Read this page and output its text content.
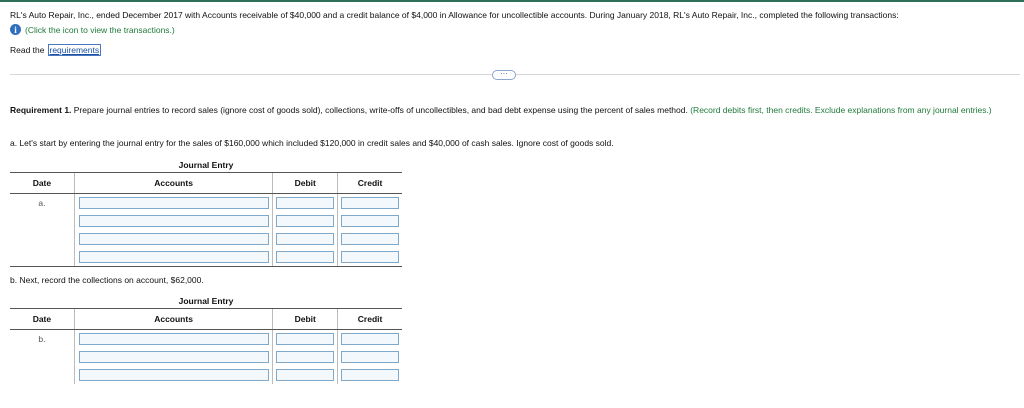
RL's Auto Repair, Inc., ended December 2017 with Accounts receivable of $40,000 and a credit balance of $4,000 in Allowance for uncollectible accounts. During January 2018, RL's Auto Repair, Inc., completed the following transactions:
i (Click the icon to view the transactions.)
Read the requirements
···
Requirement 1. Prepare journal entries to record sales (ignore cost of goods sold), collections, write-offs of uncollectibles, and bad debt expense using the percent of sales method. (Record debits first, then credits. Exclude explanations from any journal entries.)
a. Let's start by entering the journal entry for the sales of $160,000 which included $120,000 in credit sales and $40,000 of cash sales. Ignore cost of goods sold.
Journal Entry
Date	Accounts	Debit	Credit
a.
b. Next, record the collections on account, $62,000.
Journal Entry
Date	Accounts	Debit	Credit
b.
